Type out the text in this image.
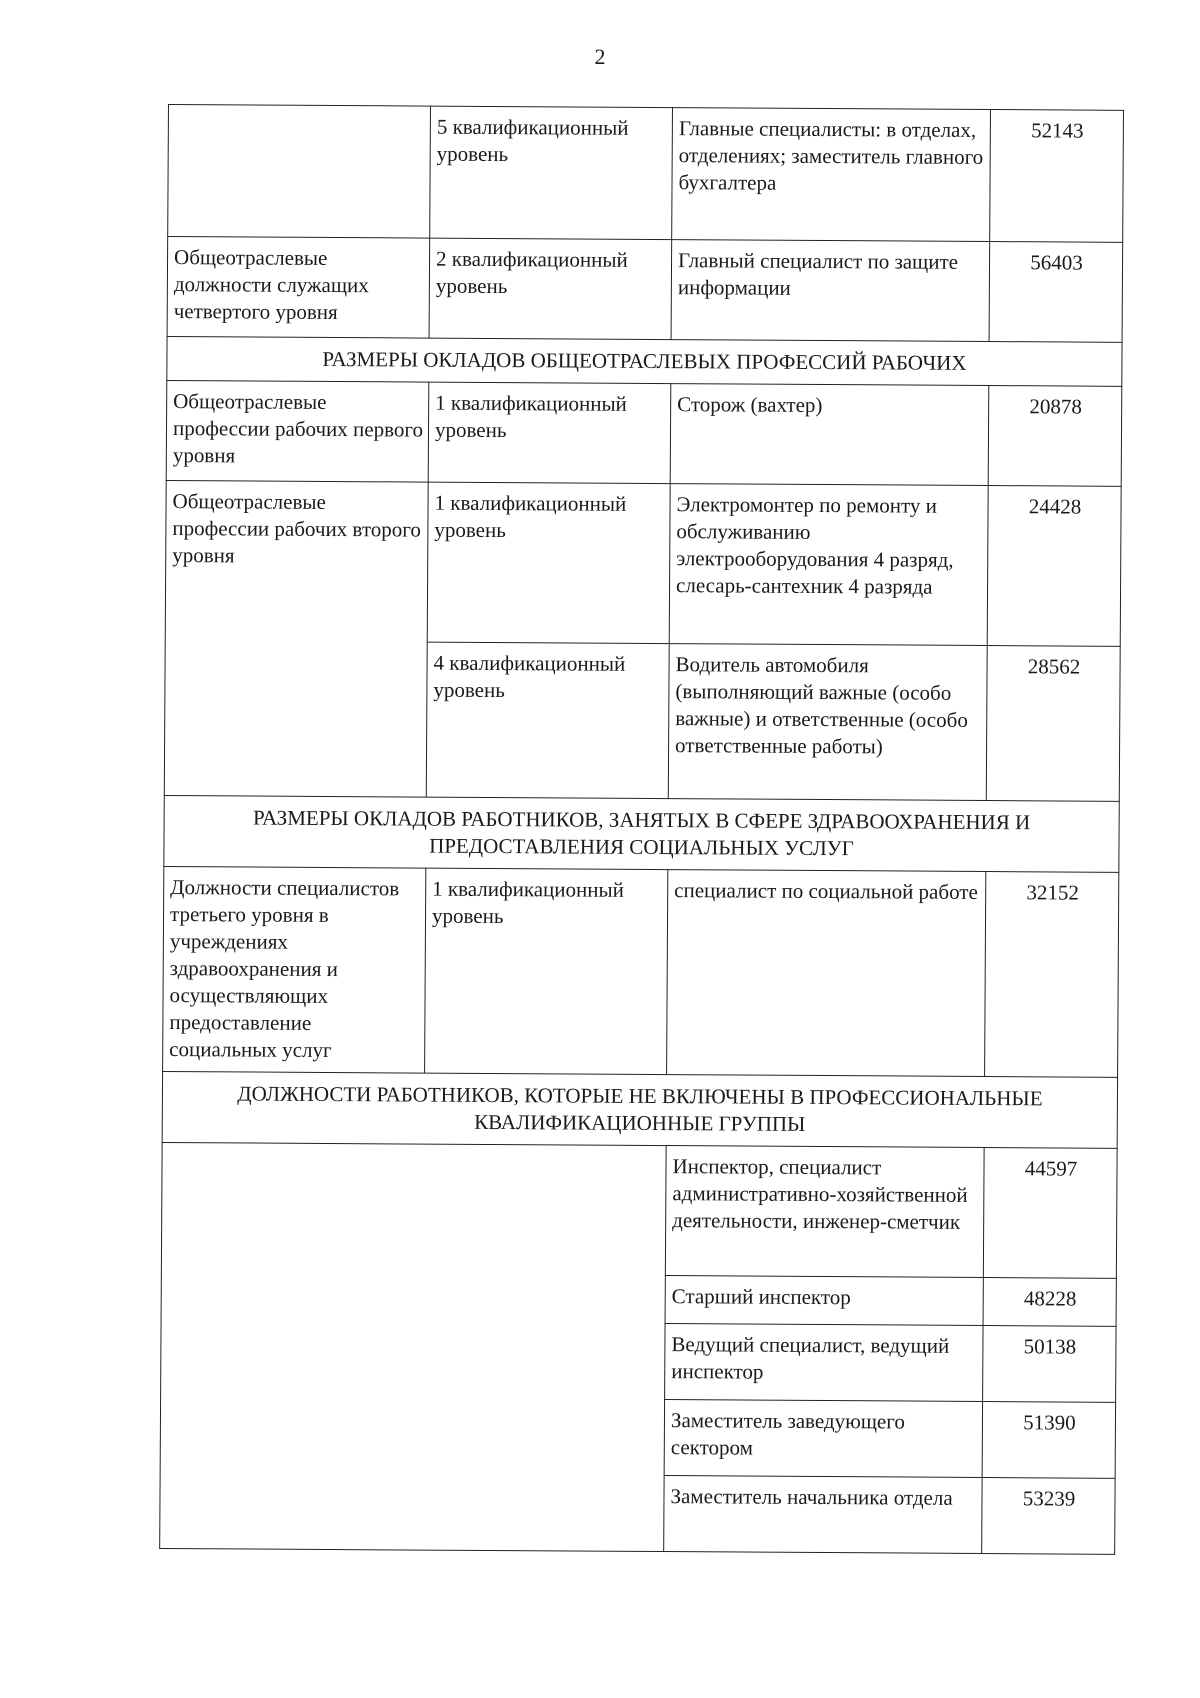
2
	5 квалификационный уровень	Главные специалисты: в отделах, отделениях; заместитель главного бухгалтера	52143
Общеотраслевые должности служащих четвертого уровня	2 квалификационный уровень	Главный специалист по защите информации	56403
РАЗМЕРЫ ОКЛАДОВ ОБЩЕОТРАСЛЕВЫХ ПРОФЕССИЙ РАБОЧИХ			
Общеотраслевые профессии рабочих первого уровня	1 квалификационный уровень	Сторож (вахтер)	20878
Общеотраслевые профессии рабочих второго уровня	1 квалификационный уровень	Электромонтер по ремонту и обслуживанию электрооборудования 4 разряд, слесарь-сантехник 4 разряда	24428
	4 квалификационный уровень	Водитель автомобиля (выполняющий важные (особо важные) и ответственные (особо ответственные работы)	28562
РАЗМЕРЫ ОКЛАДОВ РАБОТНИКОВ, ЗАНЯТЫХ В СФЕРЕ ЗДРАВООХРАНЕНИЯ И ПРЕДОСТАВЛЕНИЯ СОЦИАЛЬНЫХ УСЛУГ			
Должности специалистов третьего уровня в учреждениях здравоохранения и осуществляющих предоставление социальных услуг	1 квалификационный уровень	специалист по социальной работе	32152
ДОЛЖНОСТИ РАБОТНИКОВ, КОТОРЫЕ НЕ ВКЛЮЧЕНЫ В ПРОФЕССИОНАЛЬНЫЕ КВАЛИФИКАЦИОННЫЕ ГРУППЫ			
		Инспектор, специалист административно-хозяйственной деятельности, инженер-сметчик	44597
		Старший инспектор	48228
		Ведущий специалист, ведущий инспектор	50138
		Заместитель заведующего сектором	51390
		Заместитель начальника отдела	53239
